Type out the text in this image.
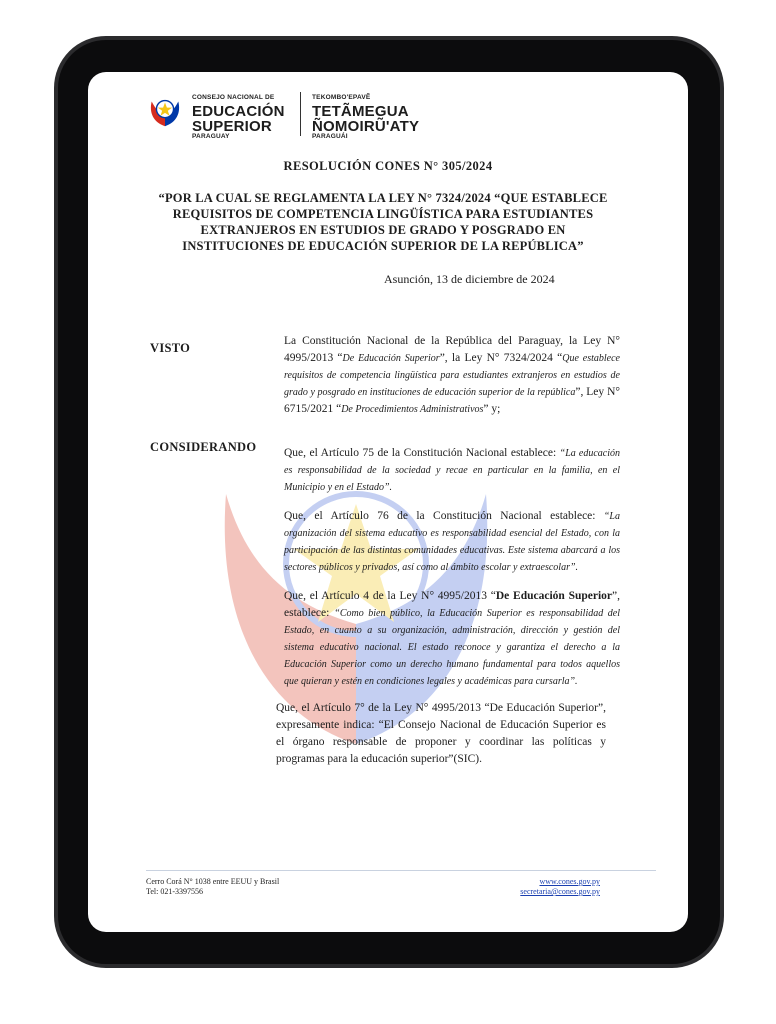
CONSEJO NACIONAL DE
EDUCACIÓN
SUPERIOR
PARAGUAY
TEKOMBO'EPAVẼ
TETÃMEGUA
ÑOMOIRŨ'ATY
PARAGUÁI
RESOLUCIÓN CONES N° 305/2024
“POR LA CUAL SE REGLAMENTA LA LEY N° 7324/2024 “QUE ESTABLECE REQUISITOS DE COMPETENCIA LINGÜÍSTICA PARA ESTUDIANTES EXTRANJEROS EN ESTUDIOS DE GRADO Y POSGRADO EN INSTITUCIONES DE EDUCACIÓN SUPERIOR DE LA REPÚBLICA”
Asunción, 13 de diciembre de 2024
VISTO	La Constitución Nacional de la República del Paraguay, la Ley N° 4995/2013 “De Educación Superior”, la Ley N° 7324/2024 “Que establece requisitos de competencia lingüística para estudiantes extranjeros en estudios de grado y posgrado en instituciones de educación superior de la república”, Ley N° 6715/2021 “De Procedimientos Administrativos” y;
CONSIDERANDO Que, el Artículo 75 de la Constitución Nacional establece: “La educación es responsabilidad de la sociedad y recae en particular en la familia, en el Municipio y en el Estado”.
Que, el Artículo 76 de la Constitución Nacional establece: “La organización del sistema educativo es responsabilidad esencial del Estado, con la participación de las distintas comunidades educativas. Este sistema abarcará a los sectores públicos y privados, así como al ámbito escolar y extraescolar”.
Que, el Artículo 4 de la Ley N° 4995/2013 “De Educación Superior”, establece: “Como bien público, la Educación Superior es responsabilidad del Estado, en cuanto a su organización, administración, dirección y gestión del sistema educativo nacional. El estado reconoce y garantiza el derecho a la Educación Superior como un derecho humano fundamental para todos aquellos que quieran y estén en condiciones legales y académicas para cursarla”.
Que, el Artículo 7° de la Ley N° 4995/2013 “De Educación Superior”, expresamente indica: “El Consejo Nacional de Educación Superior es el órgano responsable de proponer y coordinar las políticas y programas para la educación superior”(SIC).
Cerro Corá N° 1038 entre EEUU y Brasil
Tel: 021-3397556
www.cones.gov.py
secretaria@cones.gov.py
